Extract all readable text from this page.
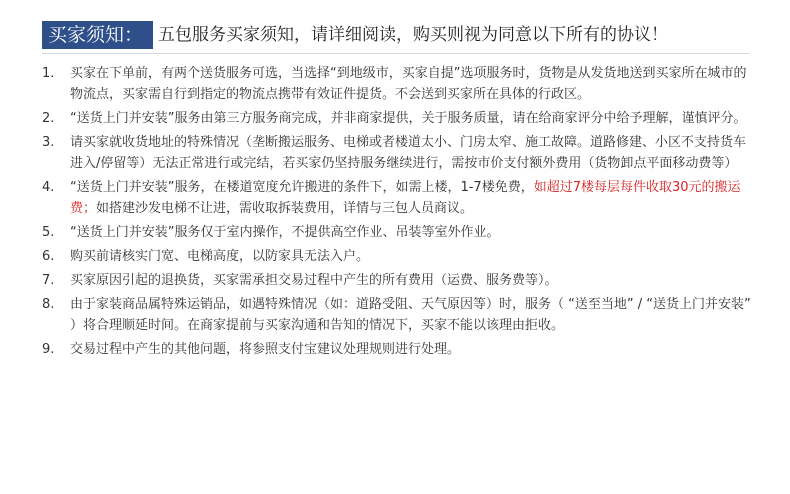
买家须知： 五包服务买家须知，请详细阅读，购买则视为同意以下所有的协议！
1. 买家在下单前，有两个送货服务可选，当选择“到地级市，买家自提”选项服务时，货物是从发货地送到买家所在城市的物流点，买家需自行到指定的物流点携带有效证件提货。不会送到买家所在具体的行政区。
2. “送货上门并安装”服务由第三方服务商完成，并非商家提供，关于服务质量，请在给商家评分中给予理解，谨慎评分。
3. 请买家就收货地址的特殊情况（垄断搬运服务、电梯或者楼道太小、门房太窄、施工故障。道路修建、小区不支持货车进入/停留等）无法正常进行或完结，若买家仍坚持服务继续进行，需按市价支付额外费用（货物卸点平面移动费等）
4. “送货上门并安装”服务，在楼道宽度允许搬进的条件下，如需上楼，1-7楼免费，如超过7楼每层每件收取30元的搬运费；如搭建沙发电梯不让进，需收取拆装费用，详情与三包人员商议。
5. “送货上门并安装”服务仅于室内操作，不提供高空作业、吊装等室外作业。
6. 购买前请核实门宽、电梯高度，以防家具无法入户。
7. 买家原因引起的退换货，买家需承担交易过程中产生的所有费用（运费、服务费等）。
8. 由于家装商品属特殊运销品，如遇特殊情况（如：道路受阻、天气原因等）时，服务（ “送至当地” / “送货上门并安装” ）将合理顺延时间。在商家提前与买家沟通和告知的情况下，买家不能以该理由拒收。
9. 交易过程中产生的其他问题，将参照支付宝建议处理规则进行处理。
